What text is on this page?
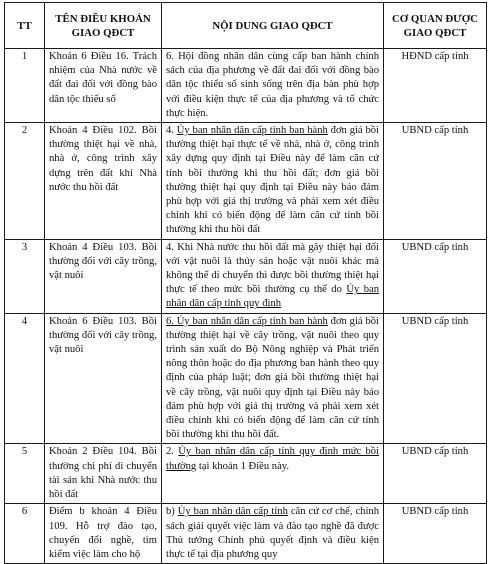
TT	TÊN ĐIỀU KHOẢN GIAO QĐCT	NỘI DUNG GIAO QĐCT	CƠ QUAN ĐƯỢC GIAO QĐCT
1	Khoản 6 Điều 16. Trách nhiệm của Nhà nước về đất đai đối với đồng bào dân tộc thiểu số	6. Hội đồng nhân dân cùng cấp ban hành chính sách của địa phương về đất đai đối với đồng bào dân tộc thiểu số sinh sống trên địa bàn phù hợp với điều kiện thực tế của địa phương và tổ chức thực hiện.	HĐND cấp tỉnh
2	Khoản 4 Điều 102. Bồi thường thiệt hại về nhà, nhà ở, công trình xây dựng trên đất khi Nhà nước thu hồi đất	4. Ủy ban nhân dân cấp tỉnh ban hành đơn giá bồi thường thiệt hại thực tế về nhà, nhà ở, công trình xây dựng quy định tại Điều này để làm căn cứ tính bồi thường khi thu hồi đất; đơn giá bồi thường thiệt hại quy định tại Điều này bảo đảm phù hợp với giá thị trường và phải xem xét điều chỉnh khi có biến động để làm căn cứ tính bồi thường khi thu hồi đất	UBND cấp tỉnh
3	Khoản 4 Điều 103. Bồi thường đối với cây trồng, vật nuôi	4. Khi Nhà nước thu hồi đất mà gây thiệt hại đối với vật nuôi là thủy sản hoặc vật nuôi khác mà không thể di chuyển thì được bồi thường thiệt hại thực tế theo mức bồi thường cụ thể do Ủy ban nhân dân cấp tỉnh quy định	UBND cấp tỉnh
4	Khoản 6 Điều 103. Bồi thường đối với cây trồng, vật nuôi	6. Ủy ban nhân dân cấp tỉnh ban hành đơn giá bồi thường thiệt hại về cây trồng, vật nuôi theo quy trình sản xuất do Bộ Nông nghiệp và Phát triển nông thôn hoặc do địa phương ban hành theo quy định của pháp luật; đơn giá bồi thường thiệt hại về cây trồng, vật nuôi quy định tại Điều này bảo đảm phù hợp với giá thị trường và phải xem xét điều chỉnh khi có biến động để làm căn cứ tính bồi thường khi thu hồi đất.	UBND cấp tỉnh
5	Khoản 2 Điều 104. Bồi thường chi phí di chuyển tài sản khi Nhà nước thu hồi đất	2. Ủy ban nhân dân cấp tỉnh quy định mức bồi thường tại khoản 1 Điều này.	UBND cấp tỉnh
6	Điểm b khoản 4 Điều 109. Hỗ trợ đào tạo, chuyển đổi nghề, tìm kiếm việc làm cho hộ	b) Ủy ban nhân dân cấp tỉnh căn cứ cơ chế, chính sách giải quyết việc làm và đào tạo nghề đã được Thủ tướng Chính phủ quyết định và điều kiện thực tế tại địa phương quy	UBND cấp tỉnh
